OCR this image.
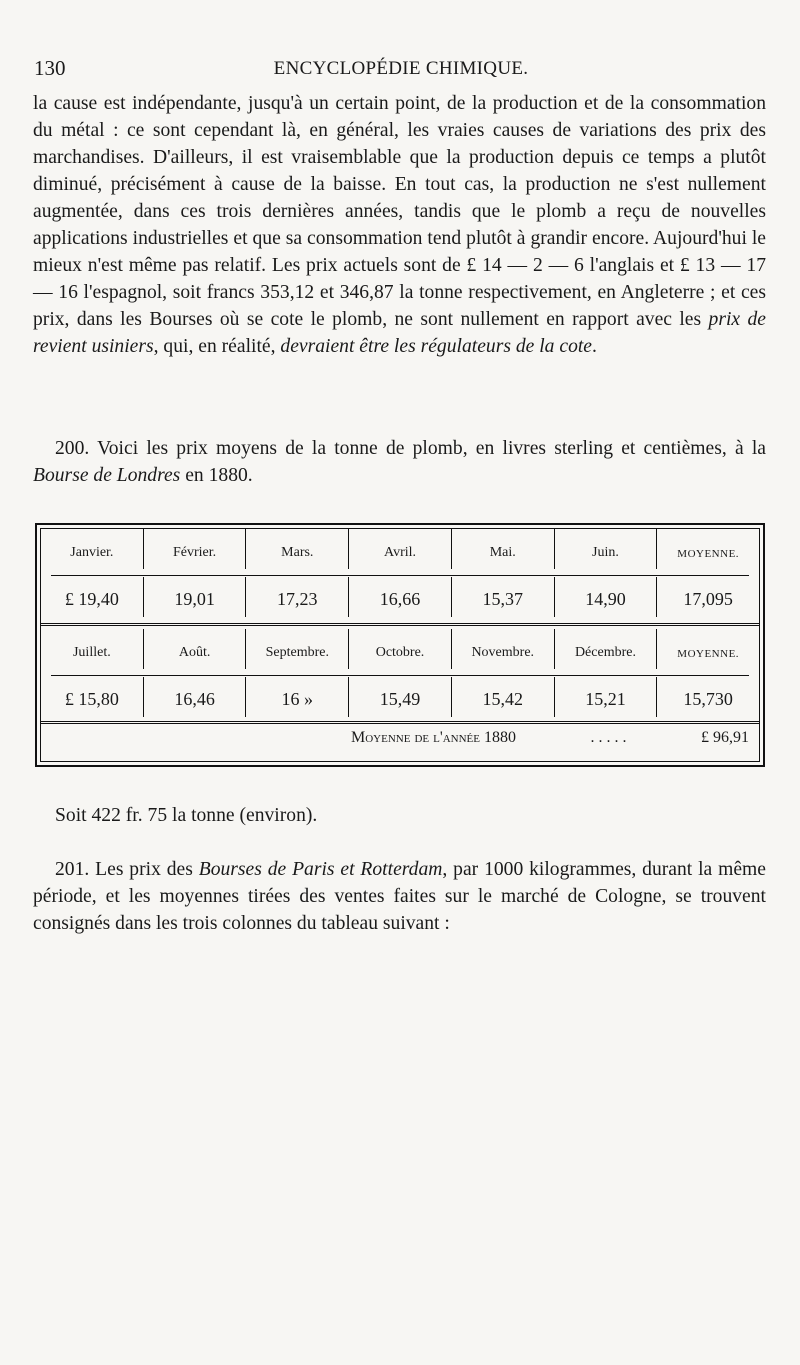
130	ENCYCLOPÉDIE CHIMIQUE.

la cause est indépendante, jusqu'à un certain point, de la production et de la consommation du métal : ce sont cependant là, en général, les vraies causes de variations des prix des marchandises. D'ailleurs, il est vraisemblable que la production depuis ce temps a plutôt diminué, précisément à cause de la baisse. En tout cas, la production ne s'est nullement augmentée, dans ces trois dernières années, tandis que le plomb a reçu de nouvelles applications industrielles et que sa consommation tend plutôt à grandir encore. Aujourd'hui le mieux n'est même pas relatif. Les prix actuels sont de £ 14 — 2 — 6 l'anglais et £ 13 — 17 — 16 l'espagnol, soit francs 353,12 et 346,87 la tonne respectivement, en Angleterre ; et ces prix, dans les Bourses où se cote le plomb, ne sont nullement en rapport avec les prix de revient usiniers, qui, en réalité, devraient être les régulateurs de la cote.

200. Voici les prix moyens de la tonne de plomb, en livres sterling et centièmes, à la Bourse de Londres en 1880.

Janvier.	Février.	Mars.	Avril.	Mai.	Juin.	MOYENNE.
£ 19,40	19,01	17,23	16,66	15,37	14,90	17,095
Juillet.	Août.	Septembre.	Octobre.	Novembre.	Décembre.	MOYENNE.
£ 15,80	16,46	16 »	15,49	15,42	15,21	15,730
Moyenne de l'année 1880	. . . . .	£ 96,91

Soit 422 fr. 75 la tonne (environ).

201. Les prix des Bourses de Paris et Rotterdam, par 1000 kilogrammes, durant la même période, et les moyennes tirées des ventes faites sur le marché de Cologne, se trouvent consignés dans les trois colonnes du tableau suivant :
